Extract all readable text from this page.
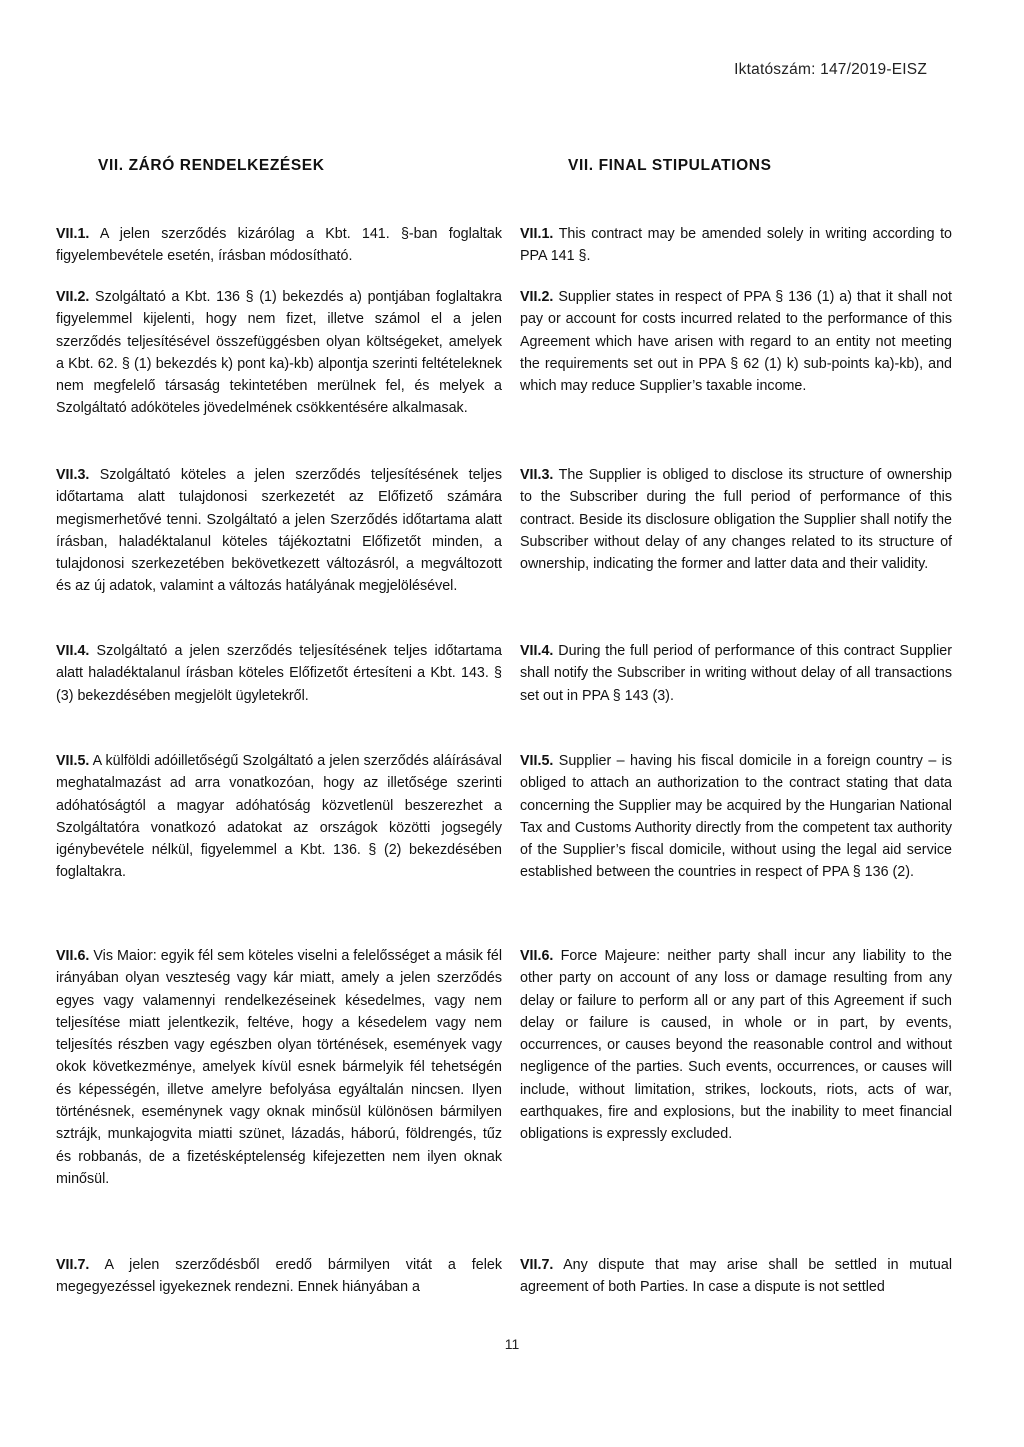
Iktatószám: 147/2019-EISZ
VII. ZÁRÓ RENDELKEZÉSEK	VII. FINAL STIPULATIONS

VII.1. A jelen szerződés kizárólag a Kbt. 141. §-ban foglaltak figyelembevétele esetén, írásban módosítható.

VII.2. Szolgáltató a Kbt. 136 § (1) bekezdés a) pontjában foglaltakra figyelemmel kijelenti, hogy nem fizet, illetve számol el a jelen szerződés teljesítésével összefüggésben olyan költségeket, amelyek a Kbt. 62. § (1) bekezdés k) pont ka)-kb) alpontja szerinti feltételeknek nem megfelelő társaság tekintetében merülnek fel, és melyek a Szolgáltató adóköteles jövedelmének csökkentésére alkalmasak.

VII.3. Szolgáltató köteles a jelen szerződés teljesítésének teljes időtartama alatt tulajdonosi szerkezetét az Előfizető számára megismerhetővé tenni. Szolgáltató a jelen Szerződés időtartama alatt írásban, haladéktalanul köteles tájékoztatni Előfizetőt minden, a tulajdonosi szerkezetében bekövetkezett változásról, a megváltozott és az új adatok, valamint a változás hatályának megjelölésével.

VII.4. Szolgáltató a jelen szerződés teljesítésének teljes időtartama alatt haladéktalanul írásban köteles Előfizetőt értesíteni a Kbt. 143. § (3) bekezdésében megjelölt ügyletekről.

VII.5. A külföldi adóilletőségű Szolgáltató a jelen szerződés aláírásával meghatalmazást ad arra vonatkozóan, hogy az illetősége szerinti adóhatóságtól a magyar adóhatóság közvetlenül beszerezhet a Szolgáltatóra vonatkozó adatokat az országok közötti jogsegély igénybevétele nélkül, figyelemmel a Kbt. 136. § (2) bekezdésében foglaltakra.

VII.6. Vis Maior: egyik fél sem köteles viselni a felelősséget a másik fél irányában olyan veszteség vagy kár miatt, amely a jelen szerződés egyes vagy valamennyi rendelkezéseinek késedelmes, vagy nem teljesítése miatt jelentkezik, feltéve, hogy a késedelem vagy nem teljesítés részben vagy egészben olyan történések, események vagy okok következménye, amelyek kívül esnek bármelyik fél tehetségén és képességén, illetve amelyre befolyása egyáltalán nincsen. Ilyen történésnek, eseménynek vagy oknak minősül különösen bármilyen sztrájk, munkajogvita miatti szünet, lázadás, háború, földrengés, tűz és robbanás, de a fizetésképtelenség kifejezetten nem ilyen oknak minősül.

VII.7. A jelen szerződésből eredő bármilyen vitát a felek megegyezéssel igyekeznek rendezni. Ennek hiányában a

VII.1. This contract may be amended solely in writing according to PPA 141 §.

VII.2. Supplier states in respect of PPA § 136 (1) a) that it shall not pay or account for costs incurred related to the performance of this Agreement which have arisen with regard to an entity not meeting the requirements set out in PPA § 62 (1) k) sub-points ka)-kb), and which may reduce Supplier’s taxable income.

VII.3. The Supplier is obliged to disclose its structure of ownership to the Subscriber during the full period of performance of this contract. Beside its disclosure obligation the Supplier shall notify the Subscriber without delay of any changes related to its structure of ownership, indicating the former and latter data and their validity.

VII.4. During the full period of performance of this contract Supplier shall notify the Subscriber in writing without delay of all transactions set out in PPA § 143 (3).

VII.5. Supplier – having his fiscal domicile in a foreign country – is obliged to attach an authorization to the contract stating that data concerning the Supplier may be acquired by the Hungarian National Tax and Customs Authority directly from the competent tax authority of the Supplier’s fiscal domicile, without using the legal aid service established between the countries in respect of PPA § 136 (2).

VII.6. Force Majeure: neither party shall incur any liability to the other party on account of any loss or damage resulting from any delay or failure to perform all or any part of this Agreement if such delay or failure is caused, in whole or in part, by events, occurrences, or causes beyond the reasonable control and without negligence of the parties. Such events, occurrences, or causes will include, without limitation, strikes, lockouts, riots, acts of war, earthquakes, fire and explosions, but the inability to meet financial obligations is expressly excluded.

VII.7. Any dispute that may arise shall be settled in mutual agreement of both Parties. In case a dispute is not settled

11
